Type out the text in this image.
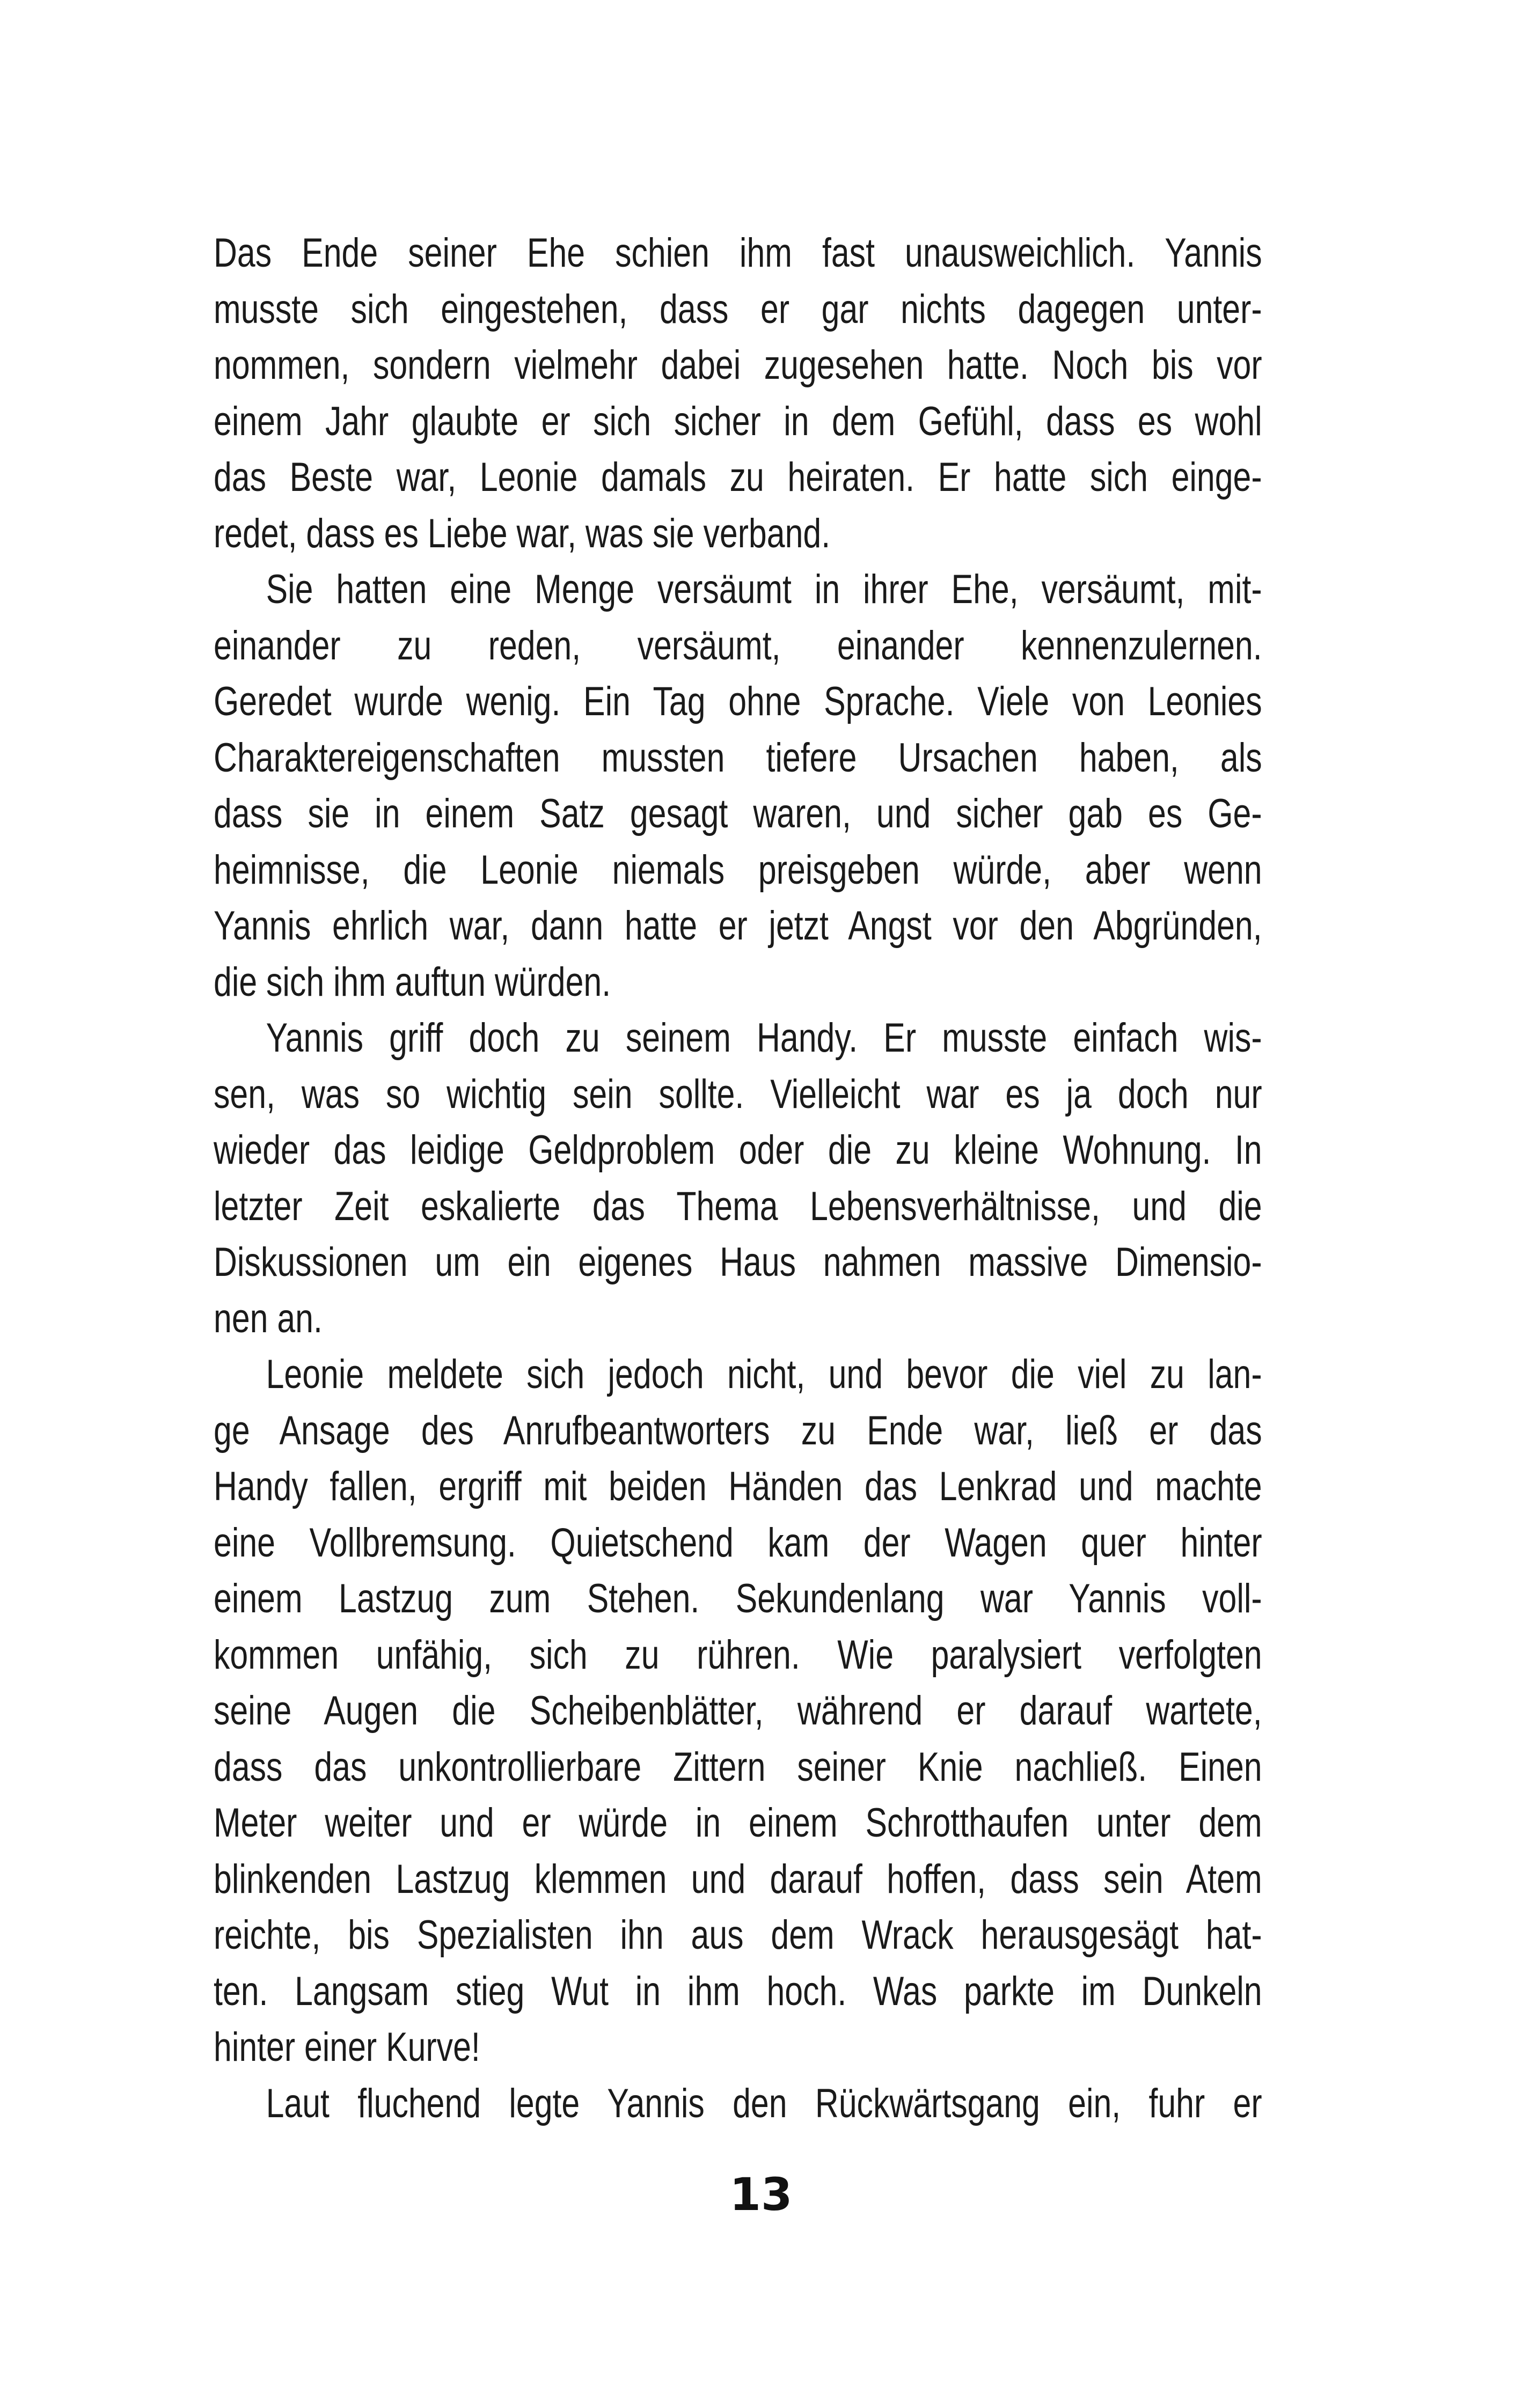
Das Ende seiner Ehe schien ihm fast unausweichlich. Yannis
musste sich eingestehen, dass er gar nichts dagegen unter-
nommen, sondern vielmehr dabei zugesehen hatte. Noch bis vor
einem Jahr glaubte er sich sicher in dem Gefühl, dass es wohl
das Beste war, Leonie damals zu heiraten. Er hatte sich einge-
redet, dass es Liebe war, was sie verband.
Sie hatten eine Menge versäumt in ihrer Ehe, versäumt, mit-
einander zu reden, versäumt, einander kennenzulernen.
Geredet wurde wenig. Ein Tag ohne Sprache. Viele von Leonies
Charaktereigenschaften mussten tiefere Ursachen haben, als
dass sie in einem Satz gesagt waren, und sicher gab es Ge-
heimnisse, die Leonie niemals preisgeben würde, aber wenn
Yannis ehrlich war, dann hatte er jetzt Angst vor den Abgründen,
die sich ihm auftun würden.
Yannis griff doch zu seinem Handy. Er musste einfach wis-
sen, was so wichtig sein sollte. Vielleicht war es ja doch nur
wieder das leidige Geldproblem oder die zu kleine Wohnung. In
letzter Zeit eskalierte das Thema Lebensverhältnisse, und die
Diskussionen um ein eigenes Haus nahmen massive Dimensio-
nen an.
Leonie meldete sich jedoch nicht, und bevor die viel zu lan-
ge Ansage des Anrufbeantworters zu Ende war, ließ er das
Handy fallen, ergriff mit beiden Händen das Lenkrad und machte
eine Vollbremsung. Quietschend kam der Wagen quer hinter
einem Lastzug zum Stehen. Sekundenlang war Yannis voll-
kommen unfähig, sich zu rühren. Wie paralysiert verfolgten
seine Augen die Scheibenblätter, während er darauf wartete,
dass das unkontrollierbare Zittern seiner Knie nachließ. Einen
Meter weiter und er würde in einem Schrotthaufen unter dem
blinkenden Lastzug klemmen und darauf hoffen, dass sein Atem
reichte, bis Spezialisten ihn aus dem Wrack herausgesägt hat-
ten. Langsam stieg Wut in ihm hoch. Was parkte im Dunkeln
hinter einer Kurve!
Laut fluchend legte Yannis den Rückwärtsgang ein, fuhr er
13
